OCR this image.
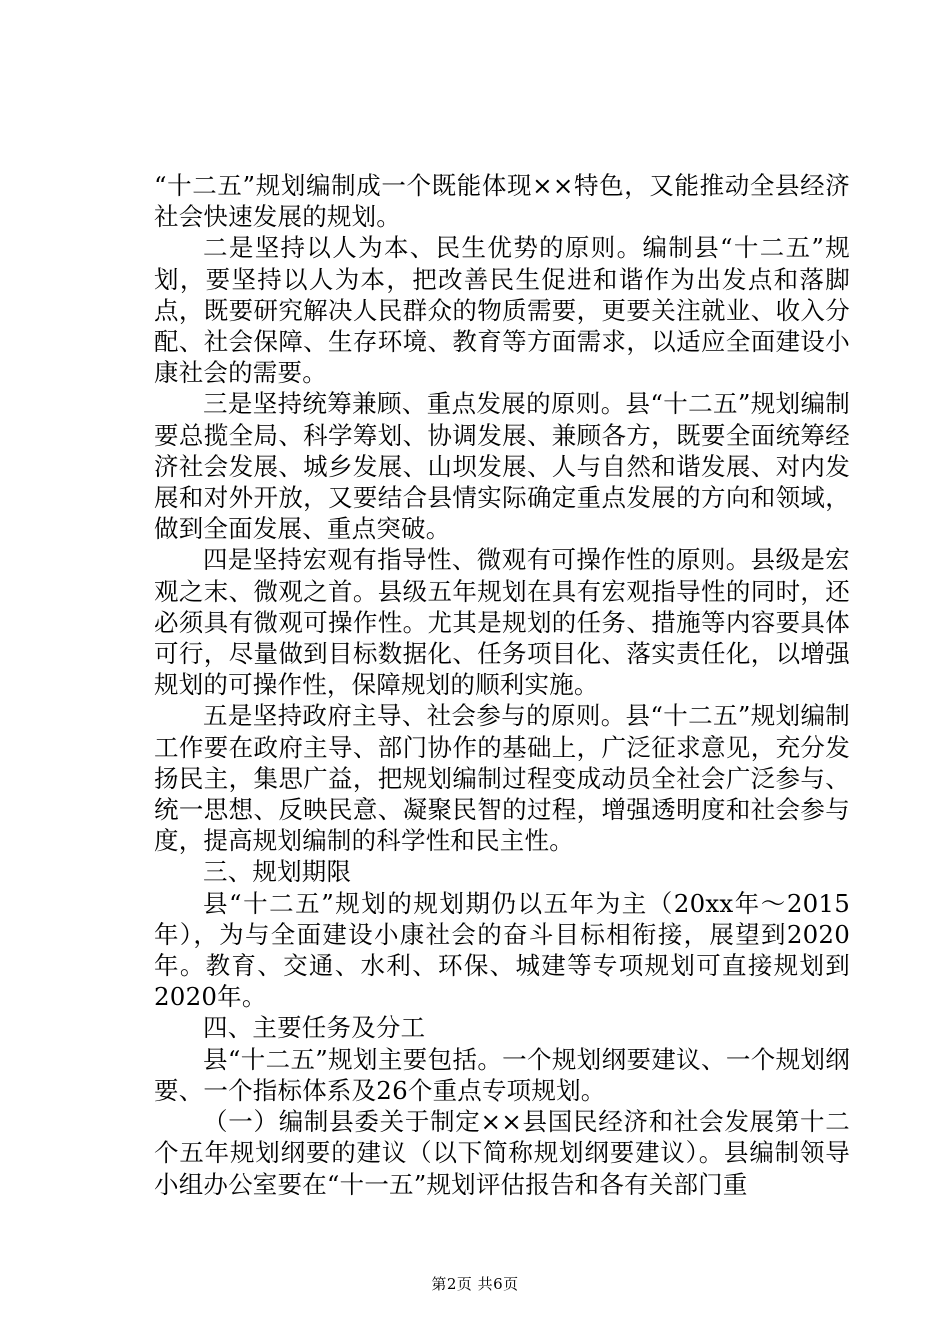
“十二五”规划编制成一个既能体现××特色，又能推动全县经济社会快速发展的规划。

二是坚持以人为本、民生优势的原则。编制县“十二五”规划，要坚持以人为本，把改善民生促进和谐作为出发点和落脚点，既要研究解决人民群众的物质需要，更要关注就业、收入分配、社会保障、生存环境、教育等方面需求，以适应全面建设小康社会的需要。

三是坚持统筹兼顾、重点发展的原则。县“十二五”规划编制要总揽全局、科学筹划、协调发展、兼顾各方，既要全面统筹经济社会发展、城乡发展、山坝发展、人与自然和谐发展、对内发展和对外开放，又要结合县情实际确定重点发展的方向和领域，做到全面发展、重点突破。

四是坚持宏观有指导性、微观有可操作性的原则。县级是宏观之末、微观之首。县级五年规划在具有宏观指导性的同时，还必须具有微观可操作性。尤其是规划的任务、措施等内容要具体可行，尽量做到目标数据化、任务项目化、落实责任化，以增强规划的可操作性，保障规划的顺利实施。

五是坚持政府主导、社会参与的原则。县“十二五”规划编制工作要在政府主导、部门协作的基础上，广泛征求意见，充分发扬民主，集思广益，把规划编制过程变成动员全社会广泛参与、统一思想、反映民意、凝聚民智的过程，增强透明度和社会参与度，提高规划编制的科学性和民主性。

三、规划期限

县“十二五”规划的规划期仍以五年为主（20xx年～2015年），为与全面建设小康社会的奋斗目标相衔接，展望到2020年。教育、交通、水利、环保、城建等专项规划可直接规划到2020年。

四、主要任务及分工

县“十二五”规划主要包括。一个规划纲要建议、一个规划纲要、一个指标体系及26个重点专项规划。

（一）编制县委关于制定××县国民经济和社会发展第十二个五年规划纲要的建议（以下简称规划纲要建议）。县编制领导小组办公室要在“十一五”规划评估报告和各有关部门重

第2页 共6页
